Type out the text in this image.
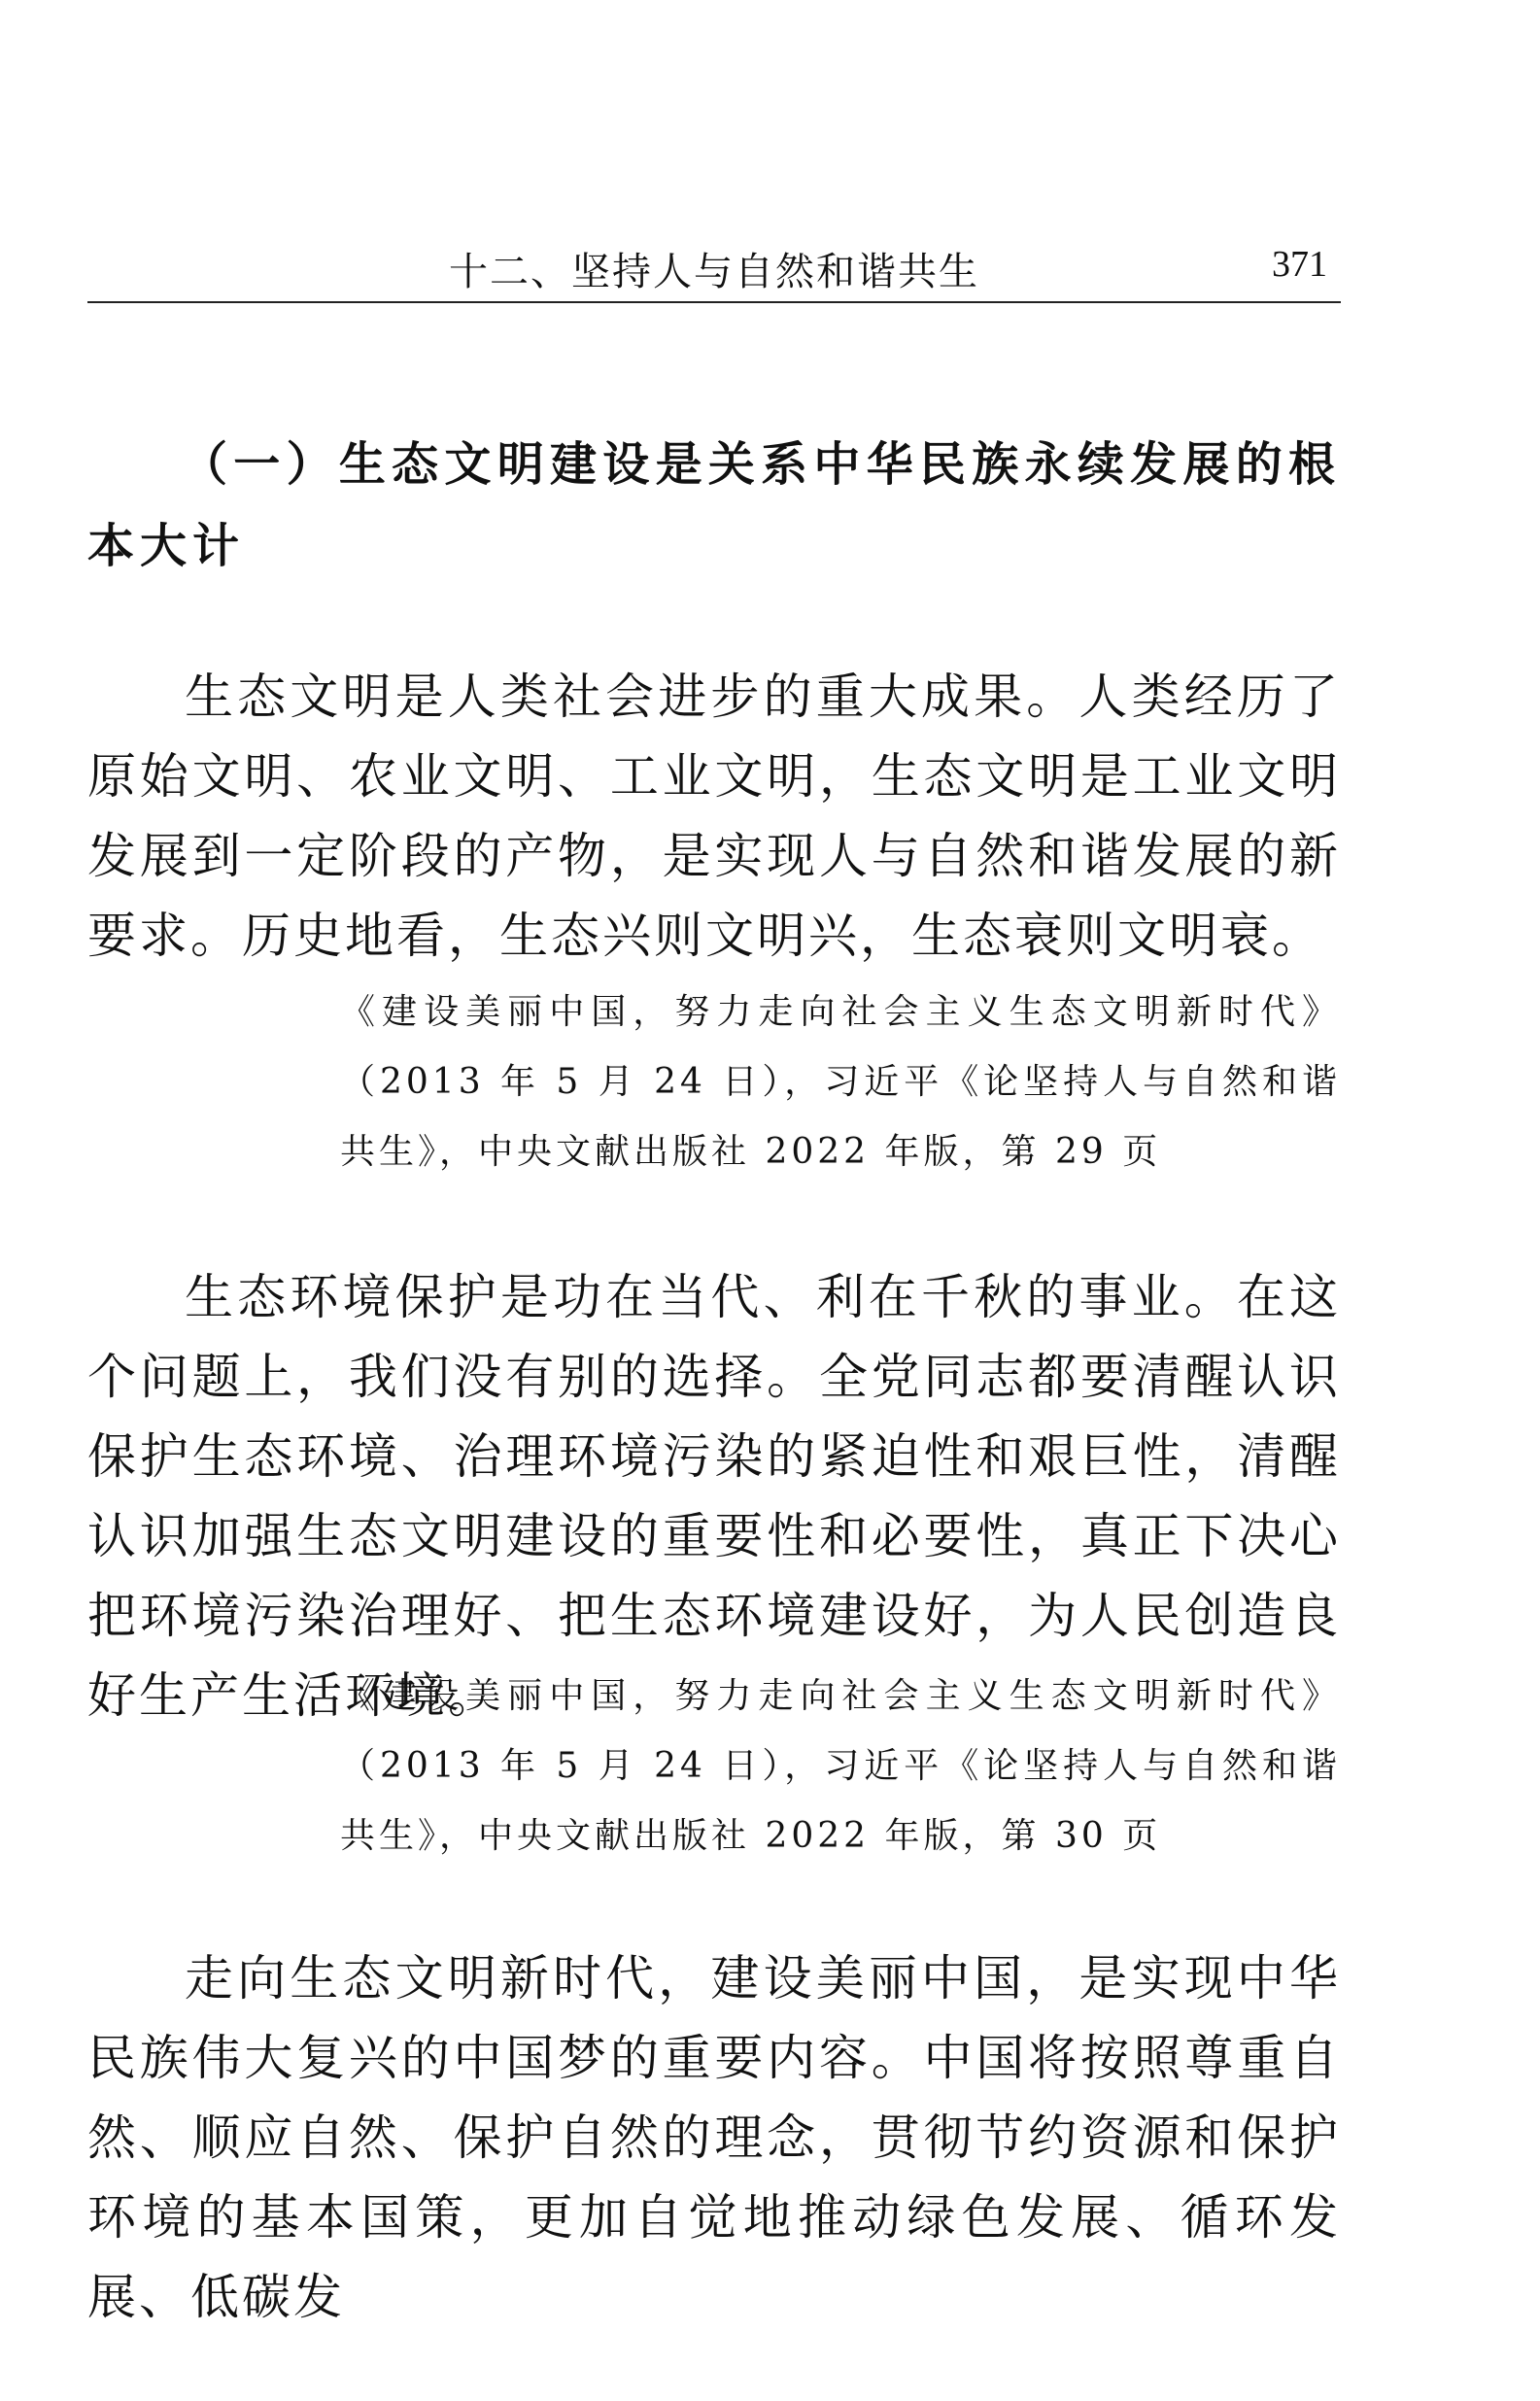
十二、坚持人与自然和谐共生	371
（一）生态文明建设是关系中华民族永续发展的根本大计

生态文明是人类社会进步的重大成果。人类经历了原始文明、农业文明、工业文明，生态文明是工业文明发展到一定阶段的产物，是实现人与自然和谐发展的新要求。历史地看，生态兴则文明兴，生态衰则文明衰。

《建设美丽中国，努力走向社会主义生态文明新时代》（2013 年 5 月 24 日），习近平《论坚持人与自然和谐共生》，中央文献出版社 2022 年版，第 29 页

生态环境保护是功在当代、利在千秋的事业。在这个问题上，我们没有别的选择。全党同志都要清醒认识保护生态环境、治理环境污染的紧迫性和艰巨性，清醒认识加强生态文明建设的重要性和必要性，真正下决心把环境污染治理好、把生态环境建设好，为人民创造良好生产生活环境。

《建设美丽中国，努力走向社会主义生态文明新时代》（2013 年 5 月 24 日），习近平《论坚持人与自然和谐共生》，中央文献出版社 2022 年版，第 30 页

走向生态文明新时代，建设美丽中国，是实现中华民族伟大复兴的中国梦的重要内容。中国将按照尊重自然、顺应自然、保护自然的理念，贯彻节约资源和保护环境的基本国策，更加自觉地推动绿色发展、循环发展、低碳发
